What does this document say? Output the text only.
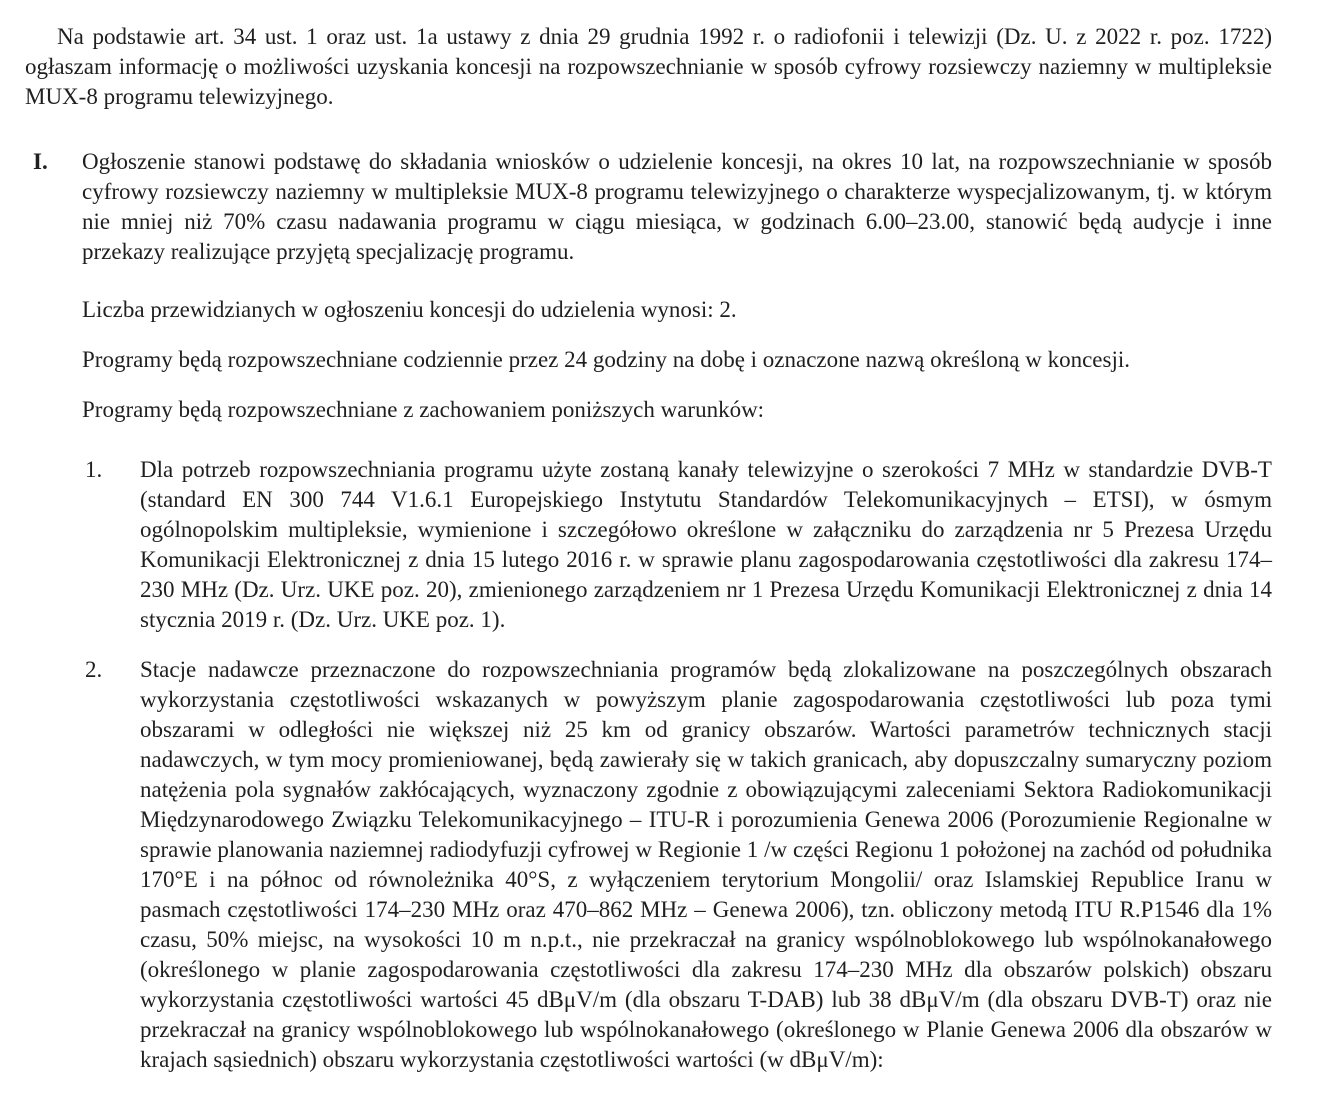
Na podstawie art. 34 ust. 1 oraz ust. 1a ustawy z dnia 29 grudnia 1992 r. o radiofonii i telewizji (Dz. U. z 2022 r. poz. 1722) ogłaszam informację o możliwości uzyskania koncesji na rozpowszechnianie w sposób cyfrowy rozsiewczy naziemny w multipleksie MUX-8 programu telewizyjnego.

I. Ogłoszenie stanowi podstawę do składania wniosków o udzielenie koncesji, na okres 10 lat, na rozpowszechnianie w sposób cyfrowy rozsiewczy naziemny w multipleksie MUX-8 programu telewizyjnego o charakterze wyspecjalizowanym, tj. w którym nie mniej niż 70% czasu nadawania programu w ciągu miesiąca, w godzinach 6.00–23.00, stanowić będą audycje i inne przekazy realizujące przyjętą specjalizację programu.

Liczba przewidzianych w ogłoszeniu koncesji do udzielenia wynosi: 2.

Programy będą rozpowszechniane codziennie przez 24 godziny na dobę i oznaczone nazwą określoną w koncesji.

Programy będą rozpowszechniane z zachowaniem poniższych warunków:

1. Dla potrzeb rozpowszechniania programu użyte zostaną kanały telewizyjne o szerokości 7 MHz w standardzie DVB-T (standard EN 300 744 V1.6.1 Europejskiego Instytutu Standardów Telekomunikacyjnych – ETSI), w ósmym ogólnopolskim multipleksie, wymienione i szczegółowo określone w załączniku do zarządzenia nr 5 Prezesa Urzędu Komunikacji Elektronicznej z dnia 15 lutego 2016 r. w sprawie planu zagospodarowania częstotliwości dla zakresu 174–230 MHz (Dz. Urz. UKE poz. 20), zmienionego zarządzeniem nr 1 Prezesa Urzędu Komunikacji Elektronicznej z dnia 14 stycznia 2019 r. (Dz. Urz. UKE poz. 1).

2. Stacje nadawcze przeznaczone do rozpowszechniania programów będą zlokalizowane na poszczególnych obszarach wykorzystania częstotliwości wskazanych w powyższym planie zagospodarowania częstotliwości lub poza tymi obszarami w odległości nie większej niż 25 km od granicy obszarów. Wartości parametrów technicznych stacji nadawczych, w tym mocy promieniowanej, będą zawierały się w takich granicach, aby dopuszczalny sumaryczny poziom natężenia pola sygnałów zakłócających, wyznaczony zgodnie z obowiązującymi zaleceniami Sektora Radiokomunikacji Międzynarodowego Związku Telekomunikacyjnego – ITU-R i porozumienia Genewa 2006 (Porozumienie Regionalne w sprawie planowania naziemnej radiodyfuzji cyfrowej w Regionie 1 /w części Regionu 1 położonej na zachód od południka 170°E i na północ od równoleżnika 40°S, z wyłączeniem terytorium Mongolii/ oraz Islamskiej Republice Iranu w pasmach częstotliwości 174–230 MHz oraz 470–862 MHz – Genewa 2006), tzn. obliczony metodą ITU R.P1546 dla 1% czasu, 50% miejsc, na wysokości 10 m n.p.t., nie przekraczał na granicy wspólnoblokowego lub wspólnokanałowego (określonego w planie zagospodarowania częstotliwości dla zakresu 174–230 MHz dla obszarów polskich) obszaru wykorzystania częstotliwości wartości 45 dBμV/m (dla obszaru T-DAB) lub 38 dBμV/m (dla obszaru DVB-T) oraz nie przekraczał na granicy wspólnoblokowego lub wspólnokanałowego (określonego w Planie Genewa 2006 dla obszarów w krajach sąsiednich) obszaru wykorzystania częstotliwości wartości (w dBμV/m):
